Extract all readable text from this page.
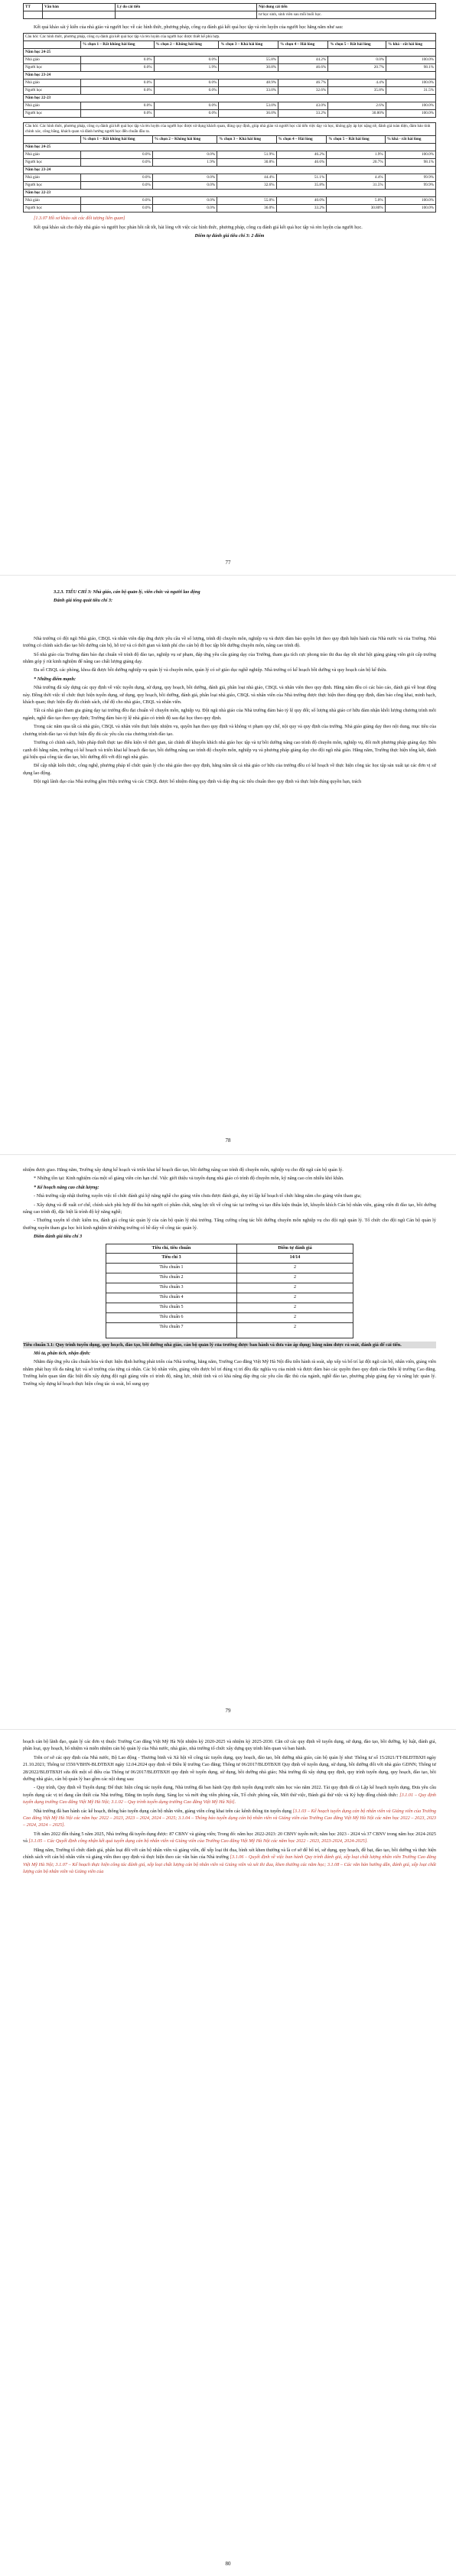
TT	Văn bản	Lý do cải tiến	Nội dung cải tiến
			tư học sinh, sinh viên sau mỗi buổi học.

Kết quả khảo sát ý kiến của nhà giáo và người học về các hình thức, phương pháp, công cụ đánh giá kết quả học tập và rèn luyện của người học hằng năm như sau:

Câu hỏi: Các hình thức, phương pháp, công cụ đánh giá kết quả học tập và rèn luyện của người học được thiết kế phù hợp.						
	% chọn 1 – Rất không hài lòng	% chọn 2 – Không hài lòng	% chọn 3 – Khá hài lòng	% chọn 4 – Hài lòng	% chọn 5 – Rất hài lòng	% khá - rất hài lòng
Năm học 24-25						
Nhà giáo	0.0%	0.0%	55.8%	44.2%	0.0%	100.0%
Người học	0.0%	1.9%	30.8%	46.6%	20.7%	98.1%
Năm học 23-24						
Nhà giáo	0.0%	0.0%	48.9%	46.7%	4.4%	100.0%
Người học	0.0%	0.0%	33.0%	32.6%	35.8%	31.5%
Năm học 22-23						
Nhà giáo	0.0%	0.0%	53.0%	43.0%	2.6%	100.0%
Người học	0.0%	0.0%	36.0%	33.2%	30.80%	100.0%
Câu hỏi: Các hình thức, phương pháp, công cụ đánh giá kết quả học tập và rèn luyện của người học được sử dụng khách quan, đúng quy định, giúp nhà giáo và người học cải tiến việc dạy và học, không gây áp lực nặng nề, đánh giá toàn diện, đảm bảo tính chính xác, công bằng, khách quan và đánh hướng người học đến chuẩn đầu ra.						
	% chọn 1 – Rất không hài lòng	% chọn 2 – Không hài lòng	% chọn 3 – Khá hài lòng	% chọn 4 – Hài lòng	% chọn 5 – Rất hài lòng	% khá - rất hài lòng
Năm học 24-25						
Nhà giáo	0.0%	0.0%	51.9%	46.2%	1.9%	100.0%
Người học	0.0%	1.9%	30.8%	46.6%	20.7%	98.1%
Năm học 23-24						
Nhà giáo	0.0%	0.0%	44.4%	51.1%	4.4%	99.9%
Người học	0.0%	0.0%	32.6%	35.8%	31.5%	99.9%
Năm học 22-23						
Nhà giáo	0.0%	0.0%	55.0%	40.0%	5.0%	100.0%
Người học	0.0%	0.0%	36.0%	33.2%	30.80%	100.0%

[1.3.07 Hồ sơ khảo sát các đối tượng liên quan]

Kết quả khảo sát cho thấy nhà giáo và người học phản hồi rất tốt, hài lòng với việc các hình thức, phương pháp, công cụ đánh giá kết quả học tập và rèn luyện của người học.

Điểm tự đánh giá tiêu chí 3: 2 điểm

77

3.2.3. TIÊU CHÍ 3: Nhà giáo, cán bộ quản lý, viên chức và người lao động

Đánh giá tổng quát tiêu chí 3:

Nhà trường có đội ngũ Nhà giáo, CBQL và nhân viên đáp ứng được yêu cầu về số lượng, trình độ chuyên môn, nghiệp vụ và được đảm bảo quyền lợi theo quy định hiện hành của Nhà nước và của Trường. Nhà trường có chính sách đào tạo bồi dưỡng cán bộ, hỗ trợ và có thời gian và kinh phí cho cán bộ đi học tập bồi dưỡng chuyên môn, nâng cao trình độ.

Số nhà giáo của Trường đảm bảo đạt chuẩn về trình độ đào tạo, nghiệp vụ sư phạm, đáp ứng yêu cầu giảng dạy của Trường, tham gia tích cực phong trào thi đua dạy tốt như hội giảng giảng viên giỏi cấp trường nhằm góp ý rút kinh nghiệm để nâng cao chất lượng giảng dạy.

Đa số CBQL các phòng, khoa đã được bồi dưỡng nghiệp vụ quản lý và chuyên môn, quản lý có sở giáo dục nghề nghiệp. Nhà trường có kế hoạch bồi dưỡng và quy hoạch cán bộ kế thừa.

* Những điểm mạnh:

Nhà trường đã xây dựng các quy định về việc tuyển dụng, sử dụng, quy hoạch, bồi dưỡng, đánh giá, phân loại nhà giáo, CBQL và nhân viên theo quy định. Hằng năm đều có các báo cáo, đánh giá về hoạt động này. Đồng thời việc tổ chức thực hiện tuyển dụng, sử dụng, quy hoạch, bồi dưỡng, đánh giá, phân loại nhà giáo, CBQL và nhân viên của Nhà trường được thực hiện theo đúng quy định, đảm bảo công khai, minh bạch, khách quan; thực hiện đầy đủ chính sách, chế độ cho nhà giáo, CBQL và nhân viên.

Tất cả nhà giáo tham gia giảng dạy tại trường đều đạt chuẩn về chuyên môn, nghiệp vụ. Đội ngũ nhà giáo của Nhà trường đảm bảo tỷ lệ quy đổi; số lượng nhà giáo cơ hữu đảm nhận khối lượng chương trình mỗi ngành, nghề đào tạo theo quy định; Trường đảm bảo tỷ lệ nhà giáo có trình độ sau đại học theo quy định.

Trong các năm qua tất cả nhà giáo, CBQL và nhân viên thực hiện nhiệm vụ, quyền hạn theo quy định và không vi phạm quy chế, nội quy và quy định của trường. Nhà giáo giảng dạy theo nội dung, mục tiêu của chương trình đào tạo và thực hiện đầy đủ các yêu cầu của chương trình đào tạo.

Trường có chính sách, biện pháp thiết thực tạo điều kiện về thời gian, tài chính để khuyến khích nhà giáo học tập và tự bồi dưỡng nâng cao trình độ chuyên môn, nghiệp vụ, đổi mới phương pháp giảng dạy. Bên cạnh đó hằng năm, trường có kế hoạch và triển khai kế hoạch đào tạo, bồi dưỡng nâng cao trình độ chuyên môn, nghiệp vụ và phương pháp giảng dạy cho đội ngũ nhà giáo. Hằng năm, Trường thực hiện tổng kết, đánh giá hiệu quả công tác đào tạo, bồi dưỡng đối với đội ngũ nhà giáo.

Để cập nhật kiến thức, công nghệ, phương pháp tổ chức quản lý cho nhà giáo theo quy định, hằng năm tất cả nhà giáo cơ hữu của trường đều có kế hoạch về thực hiện công tác học tập sản xuất tại các đơn vị sử dụng lao động.

Đội ngũ lãnh đạo của Nhà trường gồm Hiệu trưởng và các CBQL được bổ nhiệm đúng quy định và đáp ứng các tiêu chuẩn theo quy định và thực hiện đúng quyền hạn, trách

78

nhiệm được giao. Hằng năm, Trường xây dựng kế hoạch và triển khai kế hoạch đào tạo, bồi dưỡng nâng cao trình độ chuyên môn, nghiệp vụ cho đội ngũ cán bộ quản lý.

* Những tồn tại: Kinh nghiệm của một số giảng viên còn hạn chế. Việc giới thiệu và tuyển dụng nhà giáo có trình độ chuyên môn, kỹ năng cao còn nhiều khó khăn.

* Kế hoạch nâng cao chất lượng:

- Nhà trường cập nhật thường xuyên việc tổ chức đánh giá kỹ năng nghề cho giảng viên chưa được đánh giá, duy trì lập kế hoạch tổ chức hằng năm cho giảng viên tham gia;

- Xây dựng và đề xuất cơ chế, chính sách phù hợp để thu hút người có phẩm chất, năng lực tốt về công tác tại trường và tạo điều kiện thuận lợi, khuyến khích Cán bộ nhân viên, giảng viên đi đào tạo, bồi dưỡng nâng cao trình độ, đặc biệt là trình độ kỹ năng nghề;

- Thường xuyên tổ chức kiểm tra, đánh giá công tác quản lý của cán bộ quản lý nhà trường. Tăng cường công tác bồi dưỡng chuyên môn nghiệp vụ cho đội ngũ quản lý. Tổ chức cho đội ngũ Cán bộ quản lý thường xuyên tham gia học hỏi kinh nghiệm từ những trường có bề dày về công tác quản lý.

Điểm đánh giá tiêu chí 3

Tiêu chí, tiêu chuẩn	Điểm tự đánh giá
Tiêu chí 3	14/14
Tiêu chuẩn 1	2
Tiêu chuẩn 2	2
Tiêu chuẩn 3	2
Tiêu chuẩn 4	2
Tiêu chuẩn 5	2
Tiêu chuẩn 6	2
Tiêu chuẩn 7	2

Tiêu chuẩn 3.1: Quy trình tuyển dụng, quy hoạch, đào tạo, bồi dưỡng nhà giáo, cán bộ quản lý của trường được ban hành và đưa vào áp dụng; hằng năm được rà soát, đánh giá để cải tiến.

Mô tả, phân tích, nhận định:

Nhằm đáp ứng yêu cầu chuẩn hóa và thực hiện định hướng phát triển của Nhà trường, hằng năm, Trường Cao đẳng Việt Mỹ Hà Nội đều tiến hành rà soát, sắp xếp và bổ trí lại đội ngũ cán bộ, nhân viên, giảng viên nhằm phát huy tối đa năng lực và sở trường của từng cá nhân. Các bộ nhân viên, giảng viên được bổ trí đúng vị trí đều đặc nghĩa vụ của mình và được đảm bảo các quyền theo quy định của Điều lệ trường Cao đẳng. Trường luôn quan tâm đặc biệt đến xây dựng đội ngũ giảng viên có trình độ, năng lực, nhiệt tình và có khả năng đáp ứng các yêu cầu đặc thù của ngành, nghề đào tạo, phương pháp giảng dạy và năng lực quản lý. Trường xây dựng kế hoạch thực hiện công tác rà soát, bổ sung quy

79

hoạch cán bộ lãnh đạo, quản lý các đơn vị thuộc Trường Cao đẳng Việt Mỹ Hà Nội nhiệm kỳ 2020-2025 và nhiệm kỳ 2025-2030. Căn cứ các quy định về tuyển dụng, sử dụng, đào tạo, bồi dưỡng, kỷ luật, đánh giá, phân loại, quy hoạch, bổ nhiệm và miễn nhiệm cán bộ quản lý của Nhà nước, nhà giáo, nhà trường tổ chức xây dựng quy trình liên quan và ban hành.

Trên cơ sở các quy định của Nhà nước, Bộ Lao động - Thương binh và Xã hội về công tác tuyển dụng, quy hoạch, đào tạo, bồi dưỡng nhà giáo, cán bộ quản lý như: Thông tư số 15/2021/TT-BLĐTBXH ngày 21.10.2021; Thông tư 1550/VBHN-BLĐTBXH ngày 12.04.2024 quy định về Điều lệ trường Cao đẳng; Thông tư 06/2017/BLĐTBXH Quy định về tuyển dụng, sử dụng, bồi dưỡng đối với nhà giáo GDNN; Thông tư 28/2022/BLĐTBXH sửa đổi một số điều của Thông tư 06/2017/BLĐTBXH quy định về tuyển dụng, sử dụng, bồi dưỡng nhà giáo; Nhà trường đã xây dựng quy định, quy trình tuyển dụng, quy hoạch, đào tạo, bồi dưỡng nhà giáo, cán bộ quản lý bao gồm các nội dung sau:

- Quy trình, Quy định về Tuyển dụng: Để thực hiện công tác tuyển dụng, Nhà trường đã ban hành Quy định tuyển dụng trước năm học vào năm 2022. Tài quy định đã có Lập kế hoạch tuyển dụng, Đưa yêu cầu tuyển dụng các vị trí đang cần thiết của Nhà trường, Đăng tin tuyển dụng, Sàng lọc và mời ứng viên phỏng vấn, Tổ chức phỏng vấn, Mời thử việc, Đánh giá thử việc và Ký hợp đồng chính thức: [3.1.01 – Quy định tuyển dụng trường Cao đẳng Việt Mỹ Hà Nội; 3.1.02 – Quy trình tuyển dụng trường Cao đẳng Việt Mỹ Hà Nội].

Nhà trường đã ban hành các kế hoạch, thông báo tuyển dụng cán bộ nhân viên, giảng viên công khai trên các kênh thông tin tuyển dụng [3.1.03 – Kế hoạch tuyển dụng cán bộ nhân viên và Giảng viên của Trường Cao đẳng Việt Mỹ Hà Nội các năm học 2022 – 2023, 2023 – 2024, 2024 – 2025; 3.1.04 – Thông báo tuyển dụng cán bộ nhân viên và Giảng viên của Trường Cao đẳng Việt Mỹ Hà Nội các năm học 2022 – 2023, 2023 – 2024, 2024 – 2025].

Tới năm 2022 đến tháng 5 năm 2025, Nhà trường đã tuyển dụng được: 87 CBNV và giảng viên; Trong đó: năm học 2022-2023: 20 CBNV tuyển mới; năm học 2023 - 2024 và 37 CBNV trong năm học 2024-2025 và [3.1.05 – Các Quyết định công nhận kết quả tuyển dụng cán bộ nhân viên và Giảng viên của Trường Cao đẳng Việt Mỹ Hà Nội các năm học 2022 - 2023, 2023-2024, 2024-2025].

Hằng năm, Trường tổ chức đánh giá, phân loại đối với cán bộ nhân viên và giảng viên, để xếp loại thi đua, bình xét khen thưởng và là cơ sở để bổ trí, sử dụng, quy hoạch, đề bạt, đào tạo, bồi dưỡng và thực hiện chính sách với cán bộ nhân viên và giảng viên theo quy định và thực hiện theo các văn bản của Nhà trường [3.1.06 – Quyết định về việc ban hành Quy trình đánh giá, xếp loại chất lượng nhân viên Trường Cao đẳng Việt Mỹ Hà Nội; 3.1.07 – Kế hoạch thực hiện công tác đánh giá, xếp loại chất lượng cán bộ nhân viên và Giảng viên và xét thi đua, khen thưởng các năm học; 3.1.08 – Các văn bản hướng dẫn, đánh giá, xếp loại chất lượng cán bộ nhân viên và Giảng viên của

80
